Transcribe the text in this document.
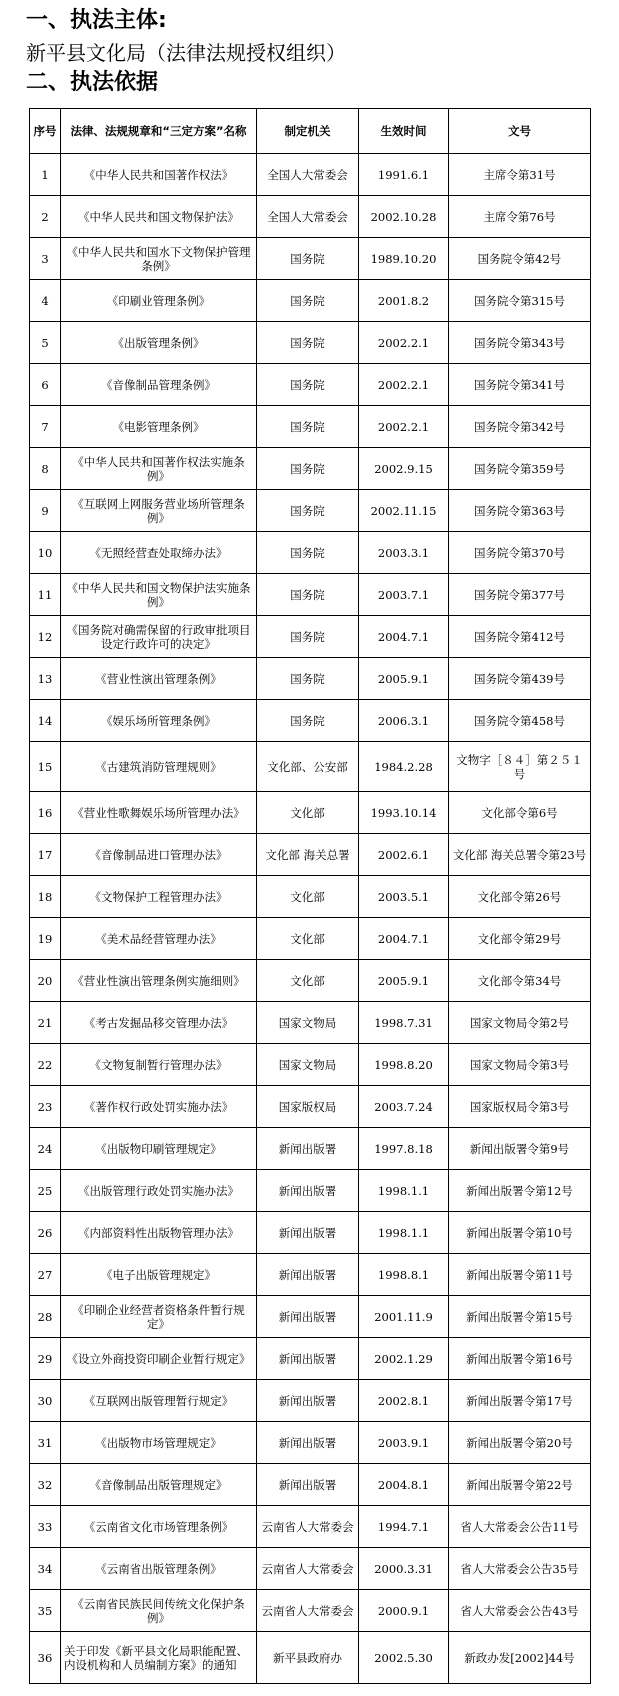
一、执法主体:
新平县文化局（法律法规授权组织）
二、执法依据
序号	法律、法规规章和“三定方案”名称	制定机关	生效时间	文号
1	《中华人民共和国著作权法》	全国人大常委会	1991.6.1	主席令第31号
2	《中华人民共和国文物保护法》	全国人大常委会	2002.10.28	主席令第76号
3	《中华人民共和国水下文物保护管理条例》	国务院	1989.10.20	国务院令第42号
4	《印刷业管理条例》	国务院	2001.8.2	国务院令第315号
5	《出版管理条例》	国务院	2002.2.1	国务院令第343号
6	《音像制品管理条例》	国务院	2002.2.1	国务院令第341号
7	《电影管理条例》	国务院	2002.2.1	国务院令第342号
8	《中华人民共和国著作权法实施条例》	国务院	2002.9.15	国务院令第359号
9	《互联网上网服务营业场所管理条例》	国务院	2002.11.15	国务院令第363号
10	《无照经营查处取缔办法》	国务院	2003.3.1	国务院令第370号
11	《中华人民共和国文物保护法实施条例》	国务院	2003.7.1	国务院令第377号
12	《国务院对确需保留的行政审批项目设定行政许可的决定》	国务院	2004.7.1	国务院令第412号
13	《营业性演出管理条例》	国务院	2005.9.1	国务院令第439号
14	《娱乐场所管理条例》	国务院	2006.3.1	国务院令第458号
15	《古建筑消防管理规则》	文化部、公安部	1984.2.28	文物字［８４］第２５１号
16	《营业性歌舞娱乐场所管理办法》	文化部	1993.10.14	文化部令第6号
17	《音像制品进口管理办法》	文化部 海关总署	2002.6.1	文化部 海关总署令第23号
18	《文物保护工程管理办法》	文化部	2003.5.1	文化部令第26号
19	《美术品经营管理办法》	文化部	2004.7.1	文化部令第29号
20	《营业性演出管理条例实施细则》	文化部	2005.9.1	文化部令第34号
21	《考古发掘品移交管理办法》	国家文物局	1998.7.31	国家文物局令第2号
22	《文物复制暂行管理办法》	国家文物局	1998.8.20	国家文物局令第3号
23	《著作权行政处罚实施办法》	国家版权局	2003.7.24	国家版权局令第3号
24	《出版物印刷管理规定》	新闻出版署	1997.8.18	新闻出版署令第9号
25	《出版管理行政处罚实施办法》	新闻出版署	1998.1.1	新闻出版署令第12号
26	《内部资料性出版物管理办法》	新闻出版署	1998.1.1	新闻出版署令第10号
27	《电子出版管理规定》	新闻出版署	1998.8.1	新闻出版署令第11号
28	《印刷企业经营者资格条件暂行规定》	新闻出版署	2001.11.9	新闻出版署令第15号
29	《设立外商投资印刷企业暂行规定》	新闻出版署	2002.1.29	新闻出版署令第16号
30	《互联网出版管理暂行规定》	新闻出版署	2002.8.1	新闻出版署令第17号
31	《出版物市场管理规定》	新闻出版署	2003.9.1	新闻出版署令第20号
32	《音像制品出版管理规定》	新闻出版署	2004.8.1	新闻出版署令第22号
33	《云南省文化市场管理条例》	云南省人大常委会	1994.7.1	省人大常委会公告11号
34	《云南省出版管理条例》	云南省人大常委会	2000.3.31	省人大常委会公告35号
35	《云南省民族民间传统文化保护条例》	云南省人大常委会	2000.9.1	省人大常委会公告43号
36	关于印发《新平县文化局职能配置、内设机构和人员编制方案》的通知	新平县政府办	2002.5.30	新政办发[2002]44号
